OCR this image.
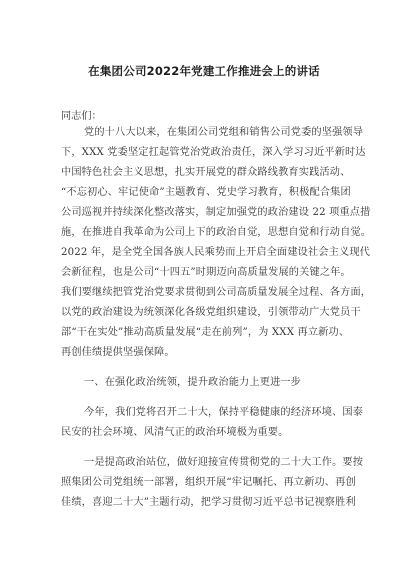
在集团公司2022年党建工作推进会上的讲话
同志们：
党的十八大以来，在集团公司党组和销售公司党委的坚强领导
下，XXX 党委坚定扛起管党治党政治责任，深入学习习近平新时达
中国特色社会主义思想，扎实开展党的群众路线教育实践活动、
“不忘初心、牢记使命”主题教育、党史学习教育，积极配合集团
公司巡视并持续深化整改落实，制定加强党的政治建设 22 项重点措
施，在推进自我革命为公司上下的政治自觉，思想自觉和行动自觉。
2022 年，是全党全国各族人民乘势而上开启全面建设社会主义现代
会新征程，也是公司“十四五”时期迈向高质量发展的关键之年。
我们要继续把管党治党要求贯彻到公司高质量发展全过程、各方面，
以党的政治建设为统领深化各级党组织建设，引领带动广大党员干
部“干在实处”推动高质量发展“走在前列”，为 XXX 再立新功、
再创佳绩提供坚强保障。
一、在强化政治统领，提升政治能力上更进一步
今年，我们党将召开二十大，保持平稳健康的经济环境、国泰
民安的社会环境、风清气正的政治环境极为重要。
一是提高政治站位，做好迎接宣传贯彻党的二十大工作。要按
照集团公司党组统一部署，组织开展“牢记嘱托、再立新功、再创
佳绩，喜迎二十大”主题行动，把学习贯彻习近平总书记视察胜利
